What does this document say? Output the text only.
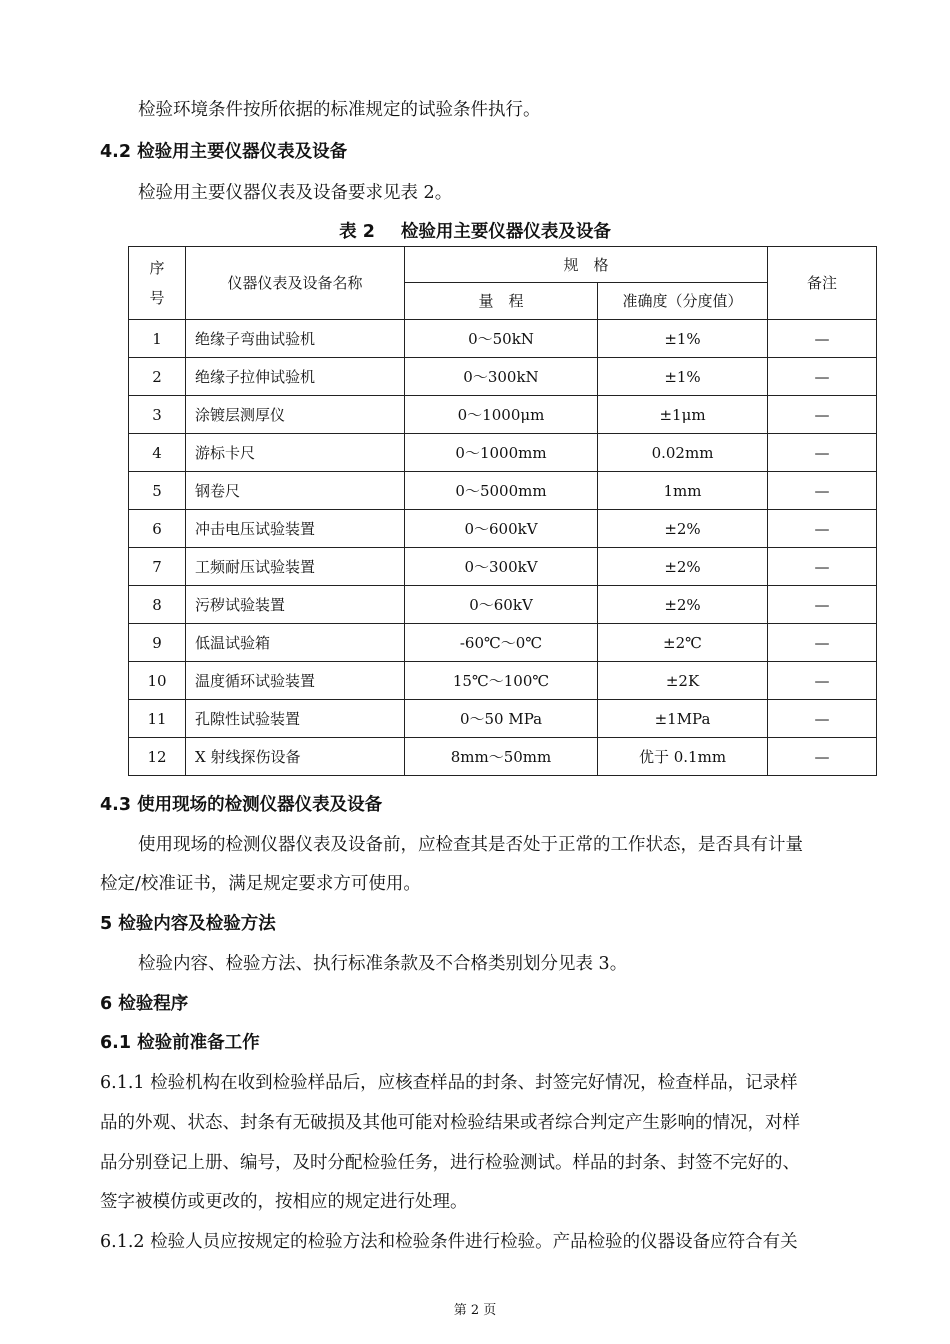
检验环境条件按所依据的标准规定的试验条件执行。
4.2 检验用主要仪器仪表及设备
检验用主要仪器仪表及设备要求见表 2。
表 2 检验用主要仪器仪表及设备
序
号	仪器仪表及设备名称	规　格		备注
		量　程	准确度（分度值）	
1	绝缘子弯曲试验机	0～50kN	±1%	—
2	绝缘子拉伸试验机	0～300kN	±1%	—
3	涂镀层测厚仪	0～1000μm	±1μm	—
4	游标卡尺	0～1000mm	0.02mm	—
5	钢卷尺	0～5000mm	1mm	—
6	冲击电压试验装置	0～600kV	±2%	—
7	工频耐压试验装置	0～300kV	±2%	—
8	污秽试验装置	0～60kV	±2%	—
9	低温试验箱	-60℃～0℃	±2℃	—
10	温度循环试验装置	15℃～100℃	±2K	—
11	孔隙性试验装置	0～50 MPa	±1MPa	—
12	X 射线探伤设备	8mm～50mm	优于 0.1mm	—
4.3 使用现场的检测仪器仪表及设备
使用现场的检测仪器仪表及设备前，应检查其是否处于正常的工作状态，是否具有计量
检定/校准证书，满足规定要求方可使用。
5 检验内容及检验方法
检验内容、检验方法、执行标准条款及不合格类别划分见表 3。
6 检验程序
6.1 检验前准备工作
6.1.1 检验机构在收到检验样品后，应核查样品的封条、封签完好情况，检查样品，记录样
品的外观、状态、封条有无破损及其他可能对检验结果或者综合判定产生影响的情况，对样
品分别登记上册、编号，及时分配检验任务，进行检验测试。样品的封条、封签不完好的、
签字被模仿或更改的，按相应的规定进行处理。
6.1.2 检验人员应按规定的检验方法和检验条件进行检验。产品检验的仪器设备应符合有关
第 2 页
